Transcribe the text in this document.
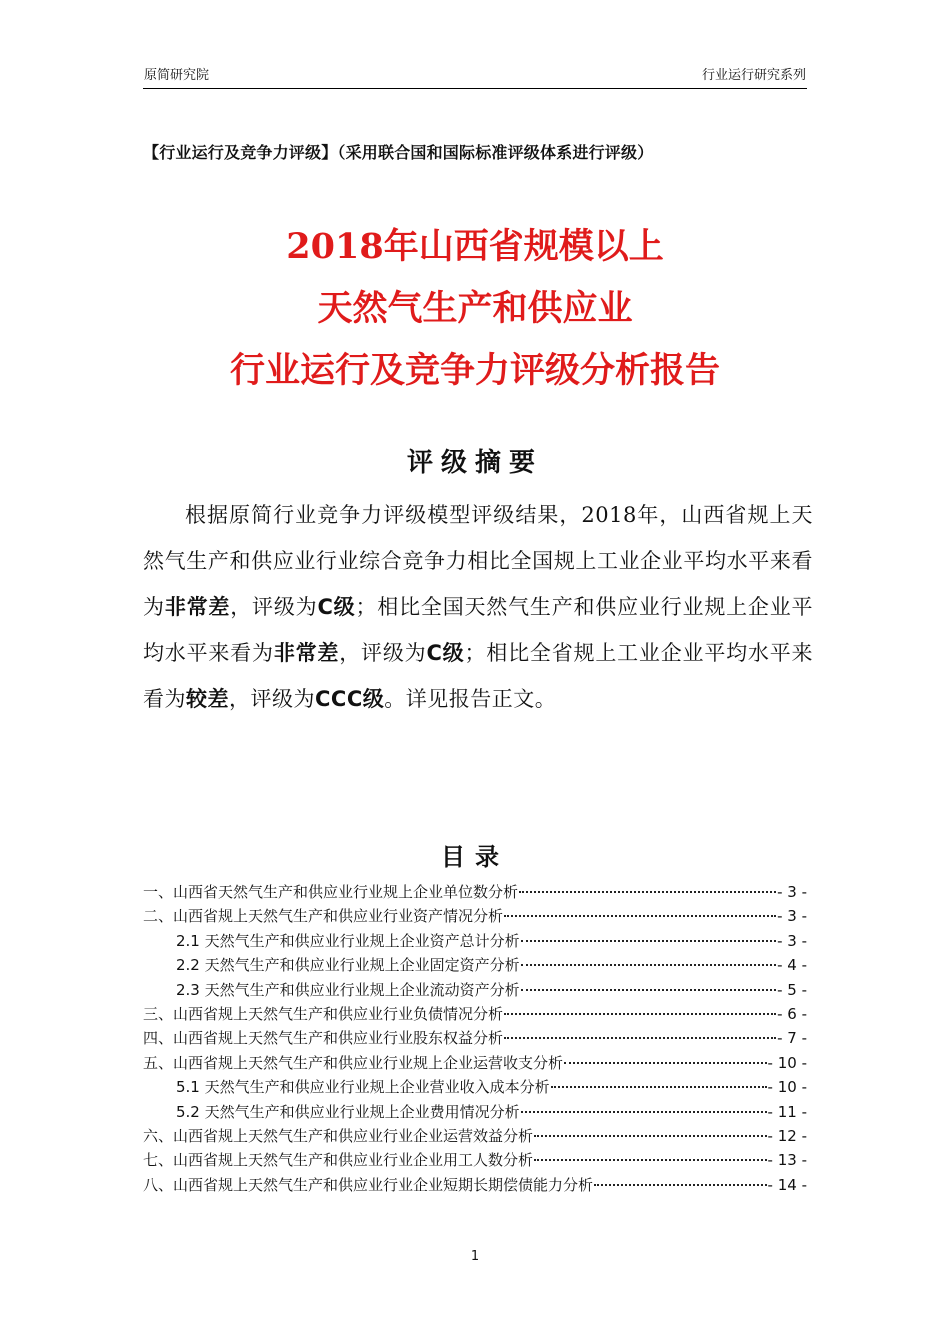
原简研究院	行业运行研究系列
【行业运行及竞争力评级】（采用联合国和国际标准评级体系进行评级）
2018年山西省规模以上
天然气生产和供应业
行业运行及竞争力评级分析报告
评级摘要
根据原简行业竞争力评级模型评级结果，2018年，山西省规上天然气生产和供应业行业综合竞争力相比全国规上工业企业平均水平来看为非常差，评级为C级；相比全国天然气生产和供应业行业规上企业平均水平来看为非常差，评级为C级；相比全省规上工业企业平均水平来看为较差，评级为CCC级。详见报告正文。
目录
一、山西省天然气生产和供应业行业规上企业单位数分析	- 3 -
二、山西省规上天然气生产和供应业行业资产情况分析	- 3 -
2.1 天然气生产和供应业行业规上企业资产总计分析	- 3 -
2.2 天然气生产和供应业行业规上企业固定资产分析	- 4 -
2.3 天然气生产和供应业行业规上企业流动资产分析	- 5 -
三、山西省规上天然气生产和供应业行业负债情况分析	- 6 -
四、山西省规上天然气生产和供应业行业股东权益分析	- 7 -
五、山西省规上天然气生产和供应业行业规上企业运营收支分析	- 10 -
5.1 天然气生产和供应业行业规上企业营业收入成本分析	- 10 -
5.2 天然气生产和供应业行业规上企业费用情况分析	- 11 -
六、山西省规上天然气生产和供应业行业企业运营效益分析	- 12 -
七、山西省规上天然气生产和供应业行业企业用工人数分析	- 13 -
八、山西省规上天然气生产和供应业行业企业短期长期偿债能力分析	- 14 -
1
